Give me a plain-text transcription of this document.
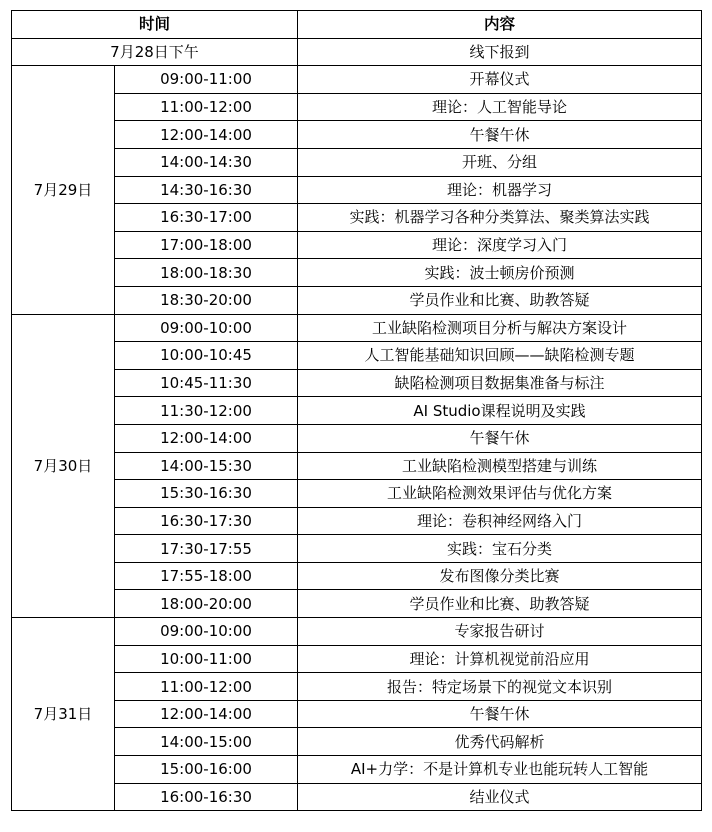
时间		内容
7月28日下午		线下报到
7月29日	09:00-11:00	开幕仪式
	11:00-12:00	理论：人工智能导论
	12:00-14:00	午餐午休
	14:00-14:30	开班、分组
	14:30-16:30	理论：机器学习
	16:30-17:00	实践：机器学习各种分类算法、聚类算法实践
	17:00-18:00	理论：深度学习入门
	18:00-18:30	实践：波士顿房价预测
	18:30-20:00	学员作业和比赛、助教答疑
7月30日	09:00-10:00	工业缺陷检测项目分析与解决方案设计
	10:00-10:45	人工智能基础知识回顾——缺陷检测专题
	10:45-11:30	缺陷检测项目数据集准备与标注
	11:30-12:00	AI Studio课程说明及实践
	12:00-14:00	午餐午休
	14:00-15:30	工业缺陷检测模型搭建与训练
	15:30-16:30	工业缺陷检测效果评估与优化方案
	16:30-17:30	理论：卷积神经网络入门
	17:30-17:55	实践：宝石分类
	17:55-18:00	发布图像分类比赛
	18:00-20:00	学员作业和比赛、助教答疑
7月31日	09:00-10:00	专家报告研讨
	10:00-11:00	理论：计算机视觉前沿应用
	11:00-12:00	报告：特定场景下的视觉文本识别
	12:00-14:00	午餐午休
	14:00-15:00	优秀代码解析
	15:00-16:00	AI+力学：不是计算机专业也能玩转人工智能
	16:00-16:30	结业仪式
